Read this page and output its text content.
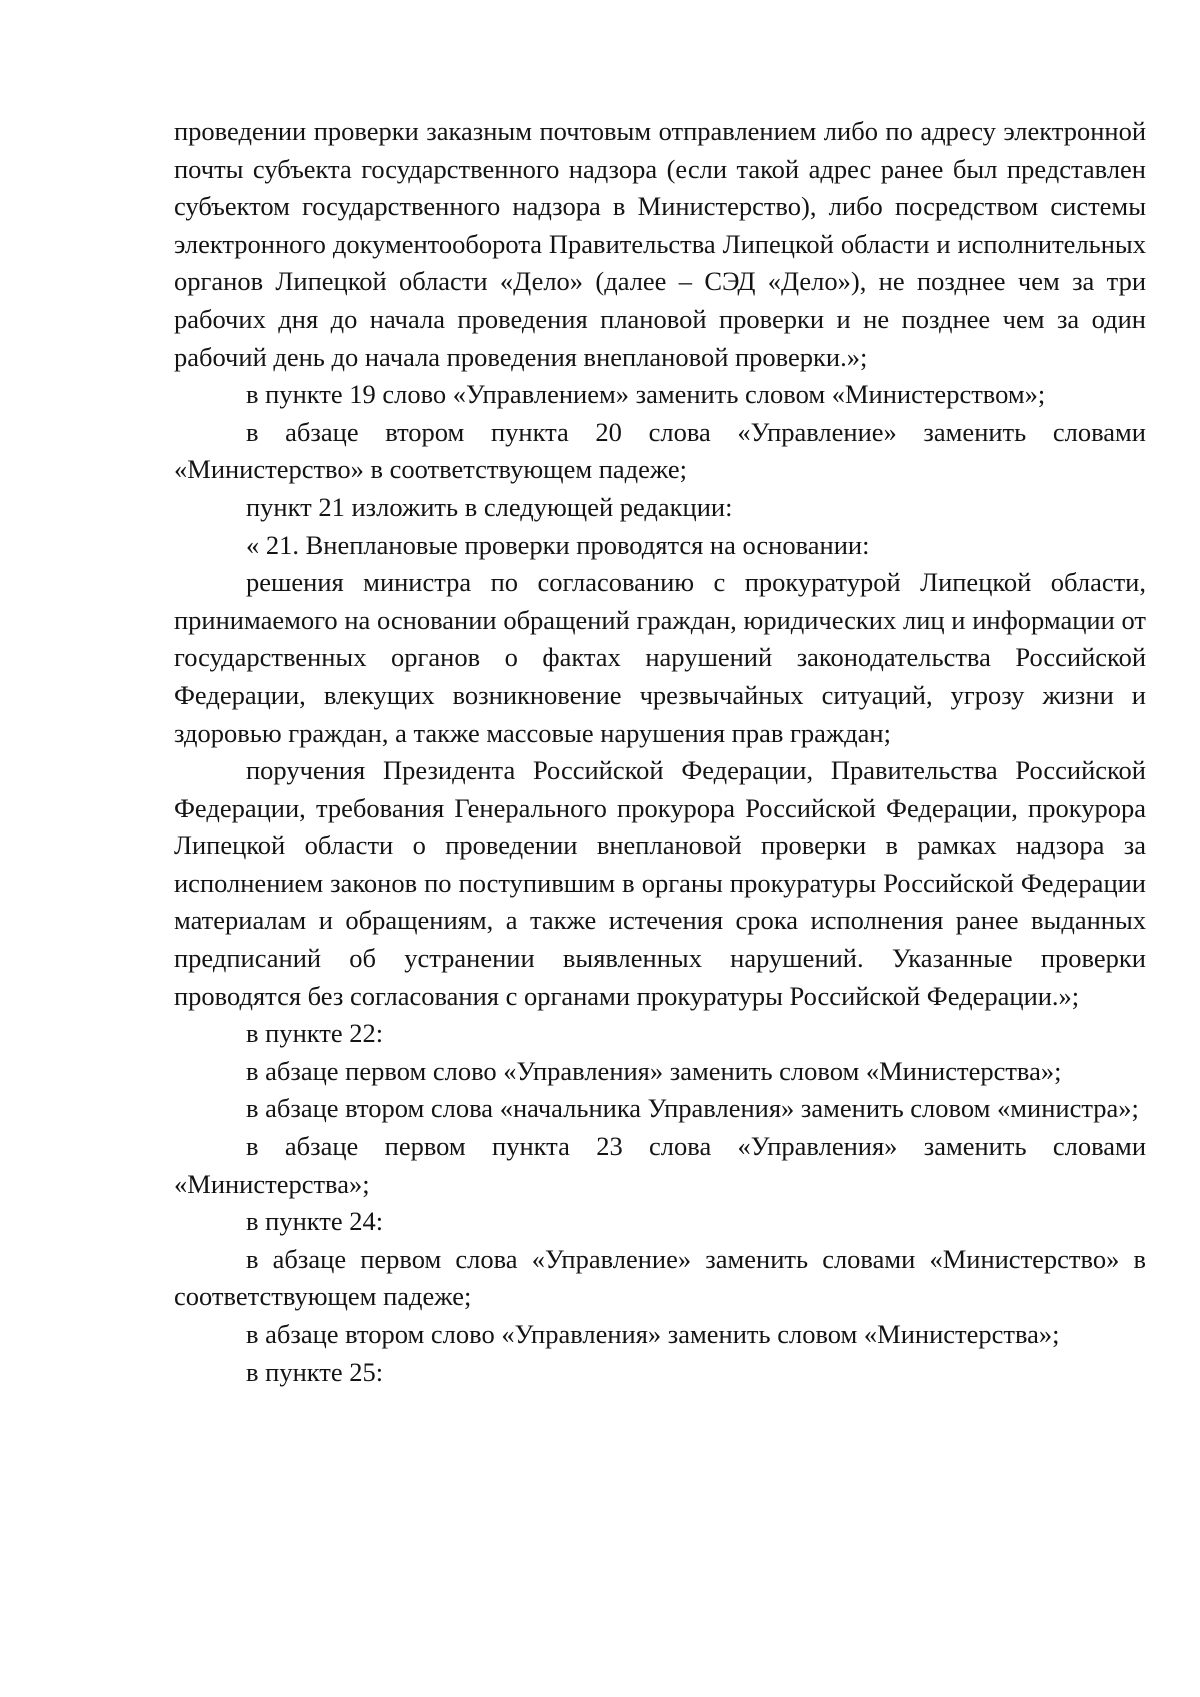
проведении проверки заказным почтовым отправлением либо по адресу электронной почты субъекта государственного надзора (если такой адрес ранее был представлен субъектом государственного надзора в Министерство), либо посредством системы электронного документооборота Правительства Липецкой области и исполнительных органов Липецкой области «Дело» (далее – СЭД «Дело»), не позднее чем за три рабочих дня до начала проведения плановой проверки и не позднее чем за один рабочий день до начала проведения внеплановой проверки.»;

в пункте 19 слово «Управлением» заменить словом «Министерством»;

в абзаце втором пункта 20 слова «Управление» заменить словами «Министерство» в соответствующем падеже;

пункт 21 изложить в следующей редакции:

« 21. Внеплановые проверки проводятся на основании:

решения министра по согласованию с прокуратурой Липецкой области, принимаемого на основании обращений граждан, юридических лиц и информации от государственных органов о фактах нарушений законодательства Российской Федерации, влекущих возникновение чрезвычайных ситуаций, угрозу жизни и здоровью граждан, а также массовые нарушения прав граждан;

поручения Президента Российской Федерации, Правительства Российской Федерации, требования Генерального прокурора Российской Федерации, прокурора Липецкой области о проведении внеплановой проверки в рамках надзора за исполнением законов по поступившим в органы прокуратуры Российской Федерации материалам и обращениям, а также истечения срока исполнения ранее выданных предписаний об устранении выявленных нарушений. Указанные проверки проводятся без согласования с органами прокуратуры Российской Федерации.»;

в пункте 22:

в абзаце первом слово «Управления» заменить словом «Министерства»;

в абзаце втором слова «начальника Управления» заменить словом «министра»;

в абзаце первом пункта 23 слова «Управления» заменить словами «Министерства»;

в пункте 24:

в абзаце первом слова «Управление» заменить словами «Министерство» в соответствующем падеже;

в абзаце втором слово «Управления» заменить словом «Министерства»;

в пункте 25:
